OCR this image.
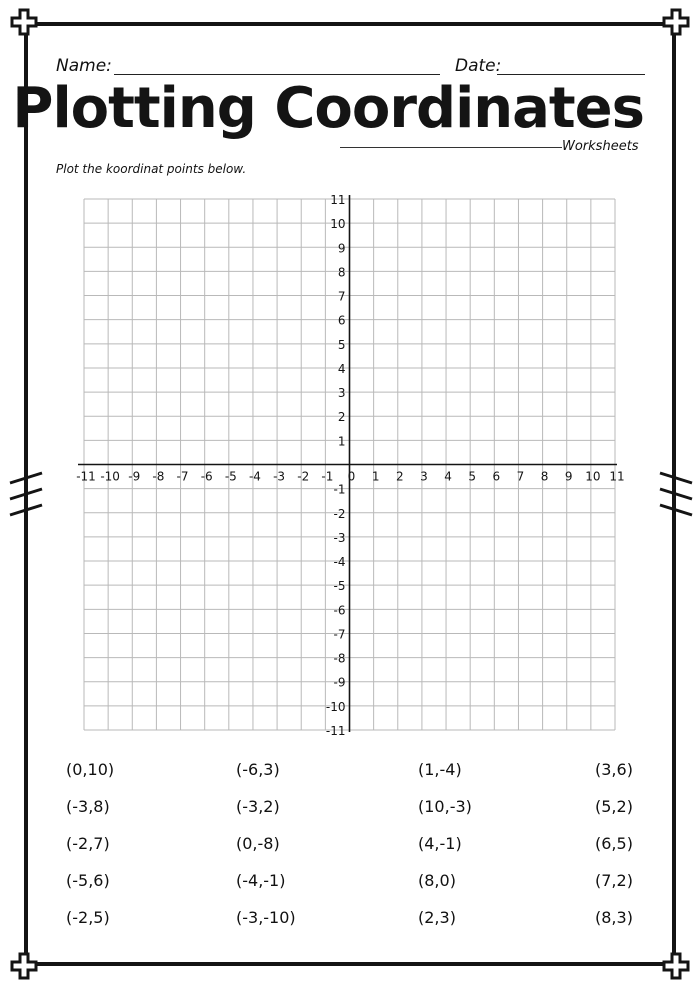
Name:	Date:
Plotting Coordinates
Worksheets
Plot the koordinat points below.
-11 -10 -9 -8 -7 -6 -5 -4 -3 -2 -1 0 1 2 3 4 5 6 7 8 9 10 11
-11
-10
-9
-8
-7
-6
-5
-4
-3
-2
-1
1
2
3
4
5
6
7
8
9
10
11
(0,10)
(-3,8)
(-2,7)
(-5,6)
(-2,5)
(-6,3)
(-3,2)
(0,-8)
(-4,-1)
(-3,-10)
(1,-4)
(10,-3)
(4,-1)
(8,0)
(2,3)
(3,6)
(5,2)
(6,5)
(7,2)
(8,3)
